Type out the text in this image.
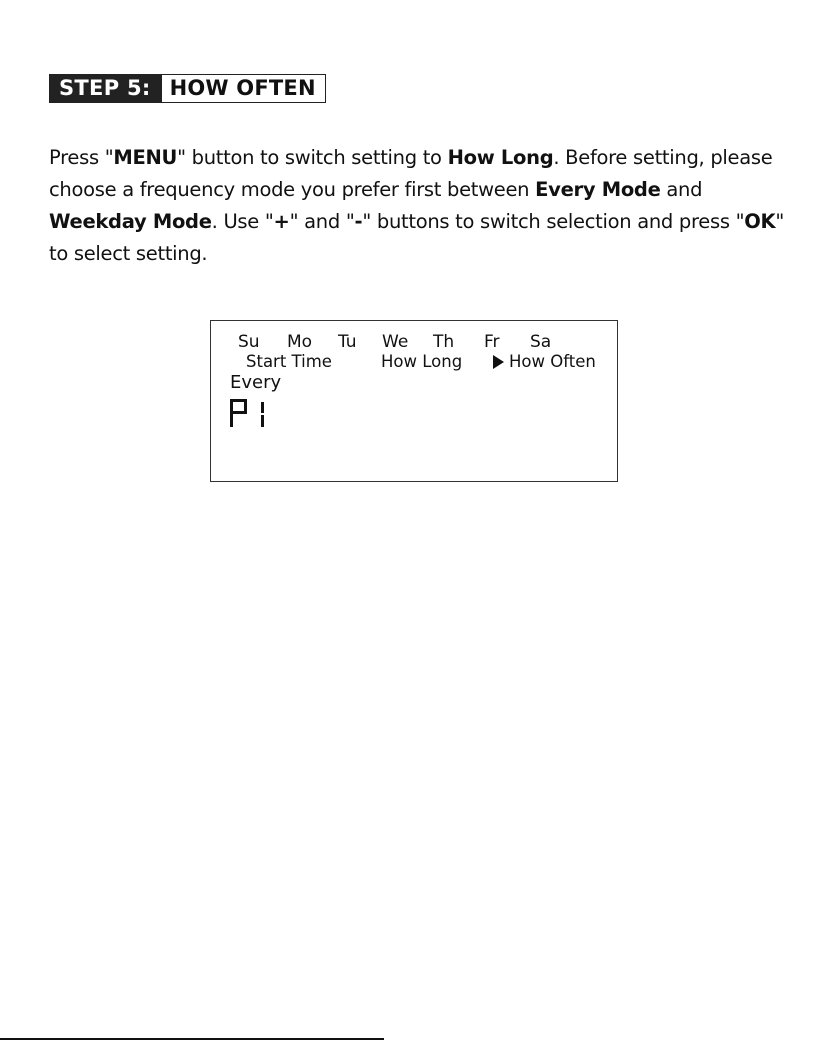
STEP 5: HOW OFTEN

Press "MENU" button to switch setting to How Long. Before setting, please choose a frequency mode you prefer first between Every Mode and Weekday Mode. Use "+" and "-" buttons to switch selection and press "OK" to select setting.

Su Mo Tu We Th Fr Sa
Start Time	How Long	How Often
Every
